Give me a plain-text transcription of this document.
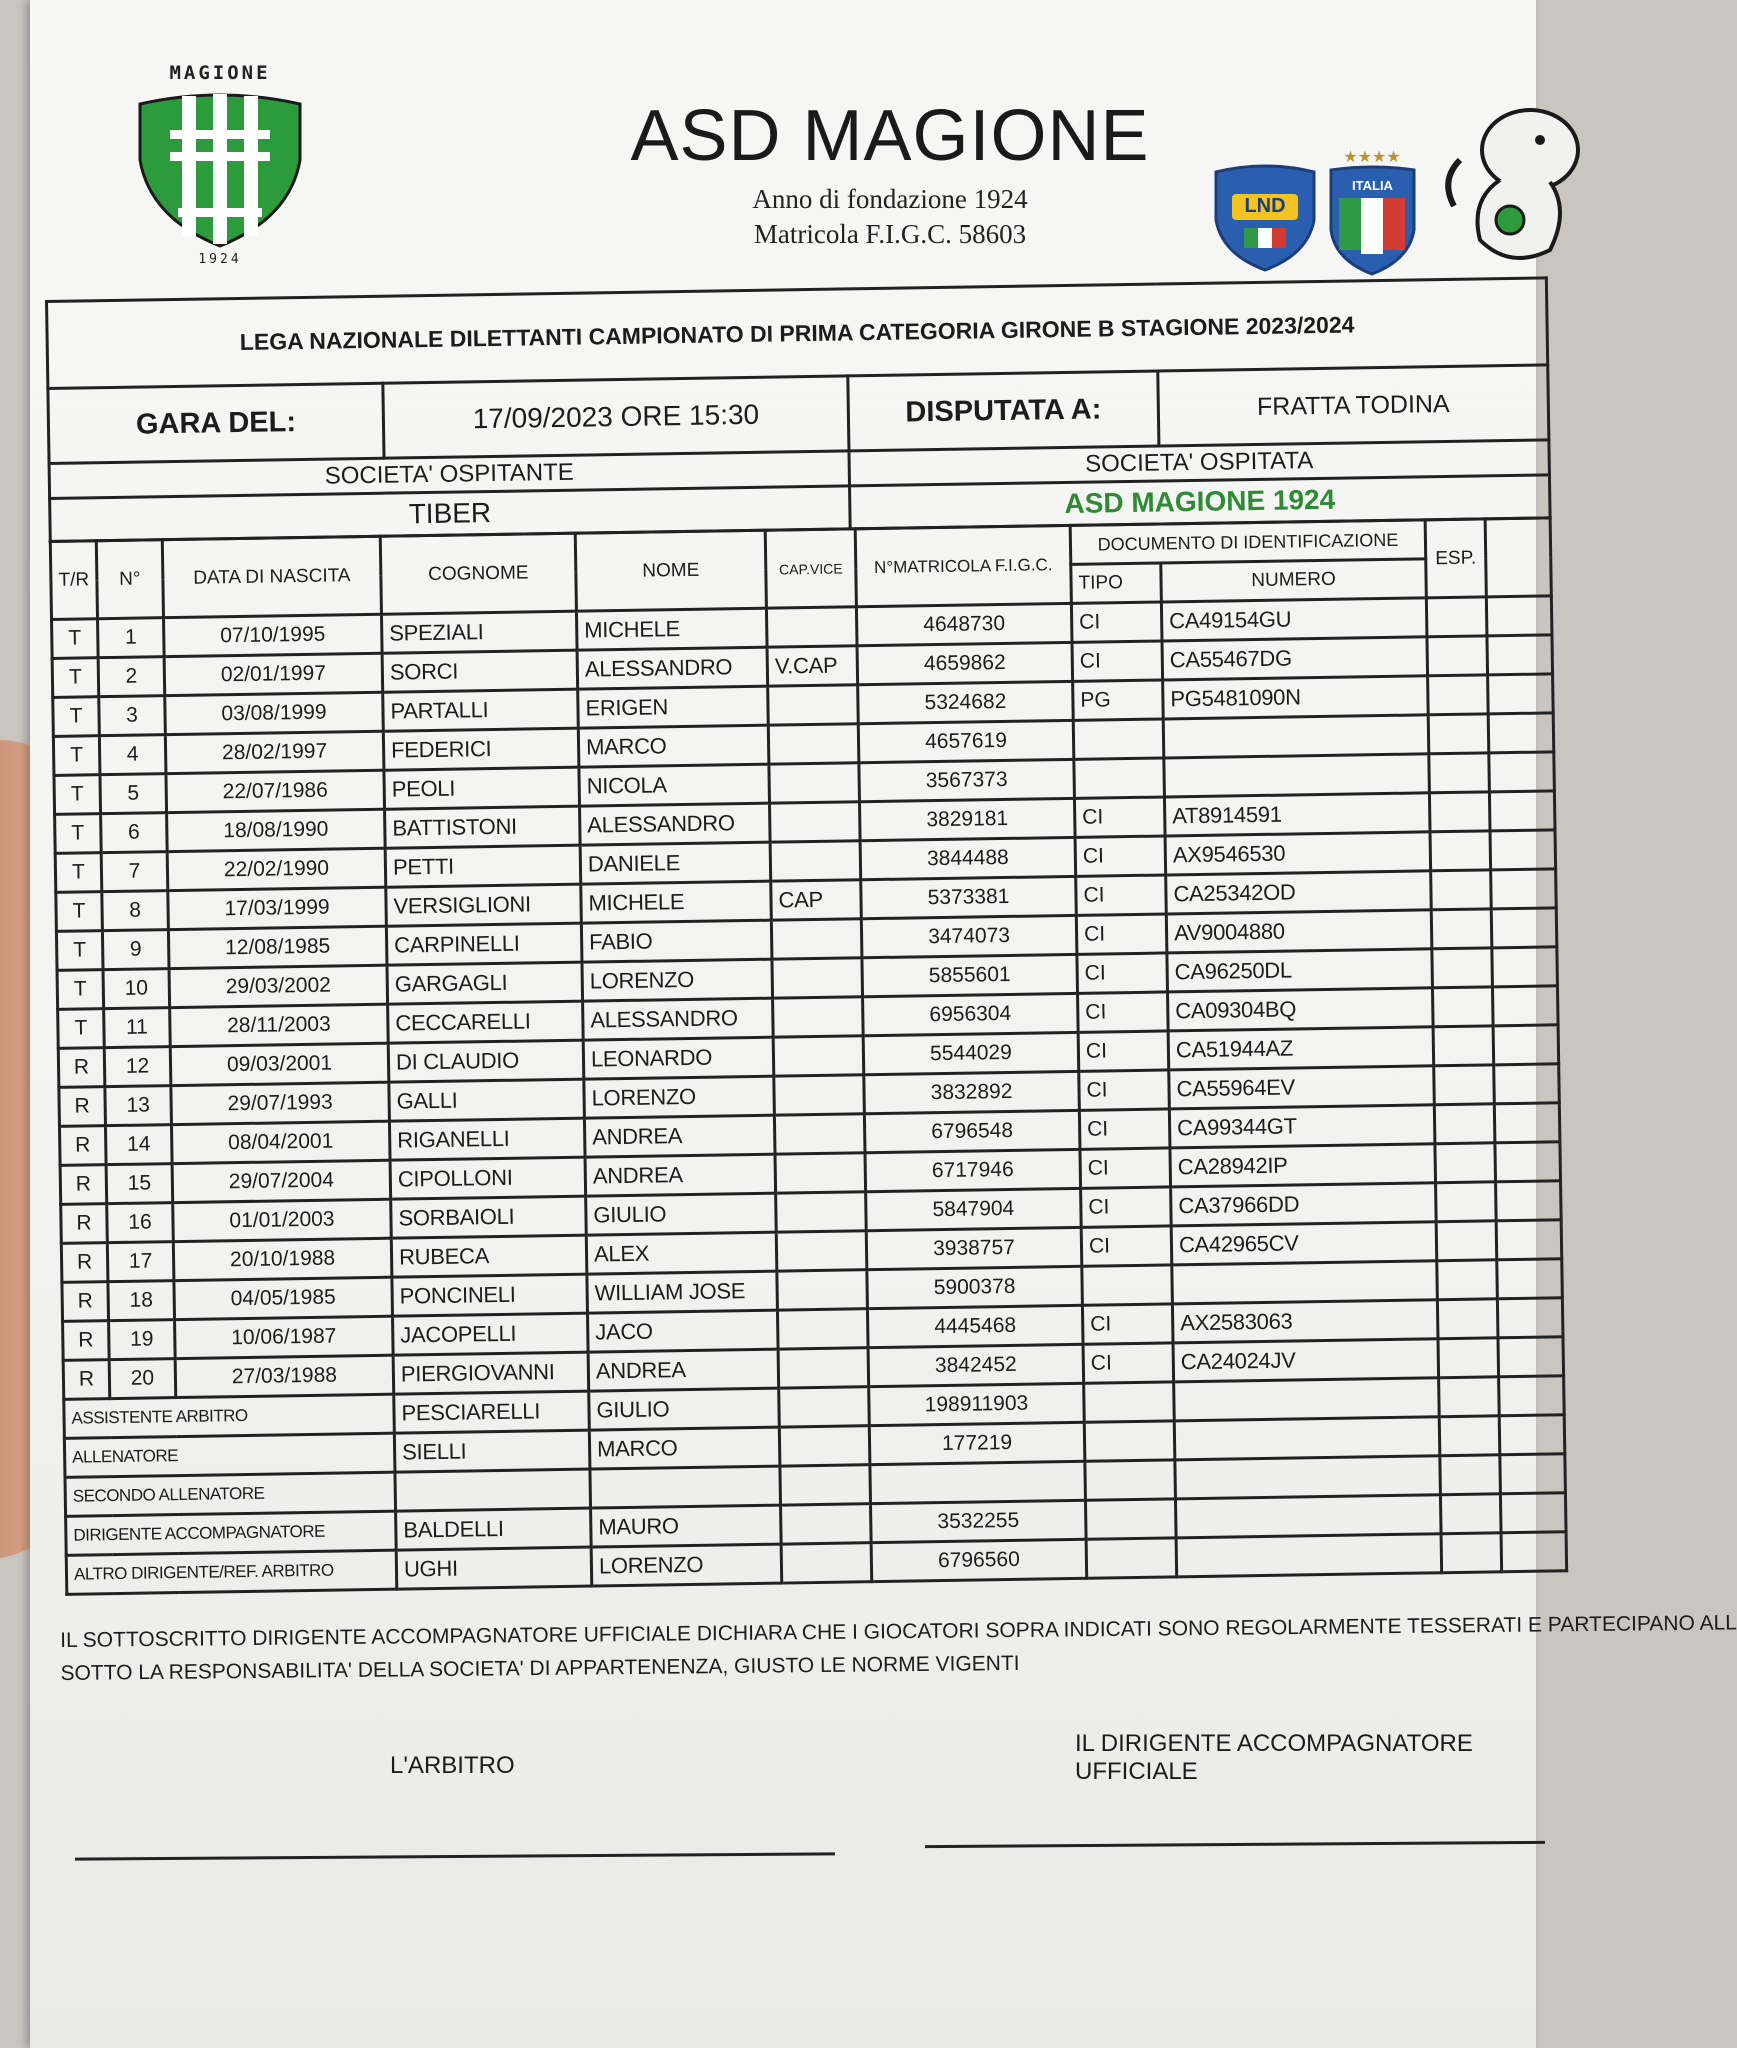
MAGIONE
1924
ASD MAGIONE
Anno di fondazione 1924
Matricola F.I.G.C. 58603
LND
★★★★
ITALIA
IL SOTTOSCRITTO DIRIGENTE ACCOMPAGNATORE UFFICIALE DICHIARA CHE I GIOCATORI SOPRA INDICATI SONO REGOLARMENTE TESSERATI E PARTECIPANO ALL
SOTTO LA RESPONSABILITA' DELLA SOCIETA' DI APPARTENENZA, GIUSTO LE NORME VIGENTI
L'ARBITRO
IL DIRIGENTE ACCOMPAGNATORE UFFICIALE
LEGA NAZIONALE DILETTANTI CAMPIONATO DI PRIMA CATEGORIA GIRONE B STAGIONE 2023/2024			
GARA DEL:	17/09/2023 ORE 15:30	DISPUTATA A:	FRATTA TODINA
SOCIETA' OSPITANTE		SOCIETA' OSPITATA	
TIBER		ASD MAGIONE 1924	
T/R	N°	DATA DI NASCITA	COGNOME	NOME	CAP.VICE	N°MATRICOLA F.I.G.C.	DOCUMENTO DI IDENTIFICAZIONE		ESP.	
							TIPO	NUMERO		
T	1	07/10/1995	SPEZIALI	MICHELE		4648730	CI	CA49154GU		
T	2	02/01/1997	SORCI	ALESSANDRO	V.CAP	4659862	CI	CA55467DG		
T	3	03/08/1999	PARTALLI	ERIGEN		5324682	PG	PG5481090N		
T	4	28/02/1997	FEDERICI	MARCO		4657619				
T	5	22/07/1986	PEOLI	NICOLA		3567373				
T	6	18/08/1990	BATTISTONI	ALESSANDRO		3829181	CI	AT8914591		
T	7	22/02/1990	PETTI	DANIELE		3844488	CI	AX9546530		
T	8	17/03/1999	VERSIGLIONI	MICHELE	CAP	5373381	CI	CA25342OD		
T	9	12/08/1985	CARPINELLI	FABIO		3474073	CI	AV9004880		
T	10	29/03/2002	GARGAGLI	LORENZO		5855601	CI	CA96250DL		
T	11	28/11/2003	CECCARELLI	ALESSANDRO		6956304	CI	CA09304BQ		
R	12	09/03/2001	DI CLAUDIO	LEONARDO		5544029	CI	CA51944AZ		
R	13	29/07/1993	GALLI	LORENZO		3832892	CI	CA55964EV		
R	14	08/04/2001	RIGANELLI	ANDREA		6796548	CI	CA99344GT		
R	15	29/07/2004	CIPOLLONI	ANDREA		6717946	CI	CA28942IP		
R	16	01/01/2003	SORBAIOLI	GIULIO		5847904	CI	CA37966DD		
R	17	20/10/1988	RUBECA	ALEX		3938757	CI	CA42965CV		
R	18	04/05/1985	PONCINELI	WILLIAM JOSE		5900378				
R	19	10/06/1987	JACOPELLI	JACO		4445468	CI	AX2583063		
R	20	27/03/1988	PIERGIOVANNI	ANDREA		3842452	CI	CA24024JV		
ASSISTENTE ARBITRO			PESCIARELLI	GIULIO		198911903				
ALLENATORE			SIELLI	MARCO		177219				
SECONDO ALLENATORE										
DIRIGENTE ACCOMPAGNATORE			BALDELLI	MAURO		3532255				
ALTRO DIRIGENTE/REF. ARBITRO			UGHI	LORENZO		6796560				
